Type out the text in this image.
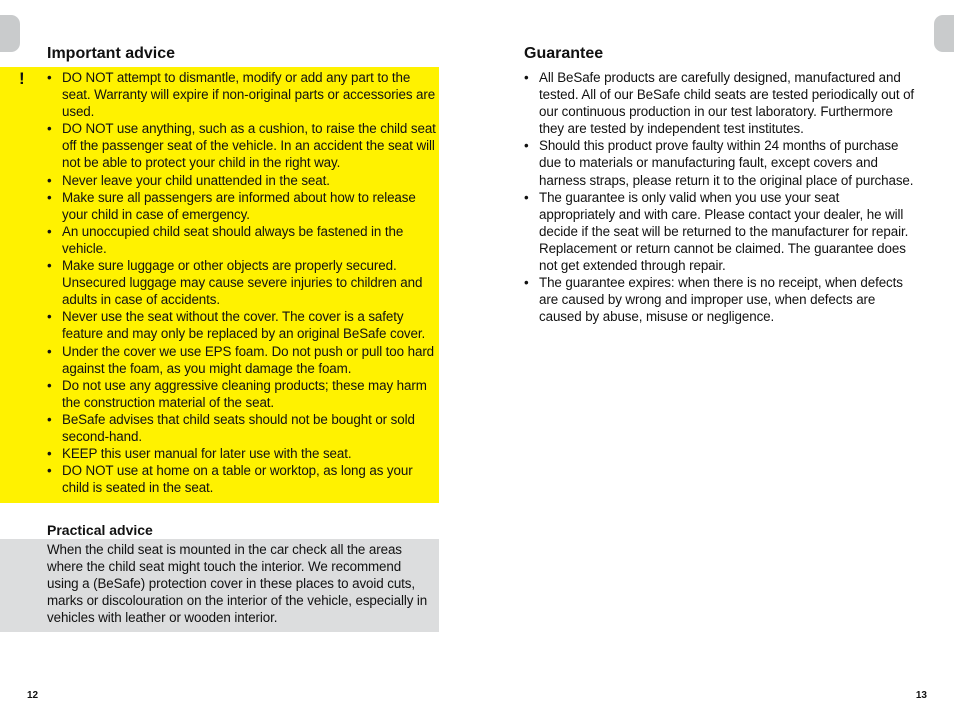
Important advice
! • DO NOT attempt to dismantle, modify or add any part to the seat. Warranty will expire if non-original parts or accessories are used.
• DO NOT use anything, such as a cushion, to raise the child seat off the passenger seat of the vehicle. In an accident the seat will not be able to protect your child in the right way.
• Never leave your child unattended in the seat.
• Make sure all passengers are informed about how to release your child in case of emergency.
• An unoccupied child seat should always be fastened in the vehicle.
• Make sure luggage or other objects are properly secured. Unsecured luggage may cause severe injuries to children and adults in case of accidents.
• Never use the seat without the cover. The cover is a safety feature and may only be replaced by an original BeSafe cover.
• Under the cover we use EPS foam. Do not push or pull too hard against the foam, as you might damage the foam.
• Do not use any aggressive cleaning products; these may harm the construction material of the seat.
• BeSafe advises that child seats should not be bought or sold second-hand.
• KEEP this user manual for later use with the seat.
• DO NOT use at home on a table or worktop, as long as your child is seated in the seat.
Practical advice

When the child seat is mounted in the car check all the areas where the child seat might touch the interior. We recommend using a (BeSafe) protection cover in these places to avoid cuts, marks or discolouration on the interior of the vehicle, especially in vehicles with leather or wooden interior.

Guarantee
• All BeSafe products are carefully designed, manufactured and tested. All of our BeSafe child seats are tested periodically out of our continuous production in our test laboratory. Furthermore they are tested by independent test institutes.
• Should this product prove faulty within 24 months of purchase due to materials or manufacturing fault, except covers and harness straps, please return it to the original place of purchase.
• The guarantee is only valid when you use your seat appropriately and with care. Please contact your dealer, he will decide if the seat will be returned to the manufacturer for repair. Replacement or return cannot be claimed. The guarantee does not get extended through repair.
• The guarantee expires: when there is no receipt, when defects are caused by wrong and improper use, when defects are caused by abuse, misuse or negligence.
12	13
